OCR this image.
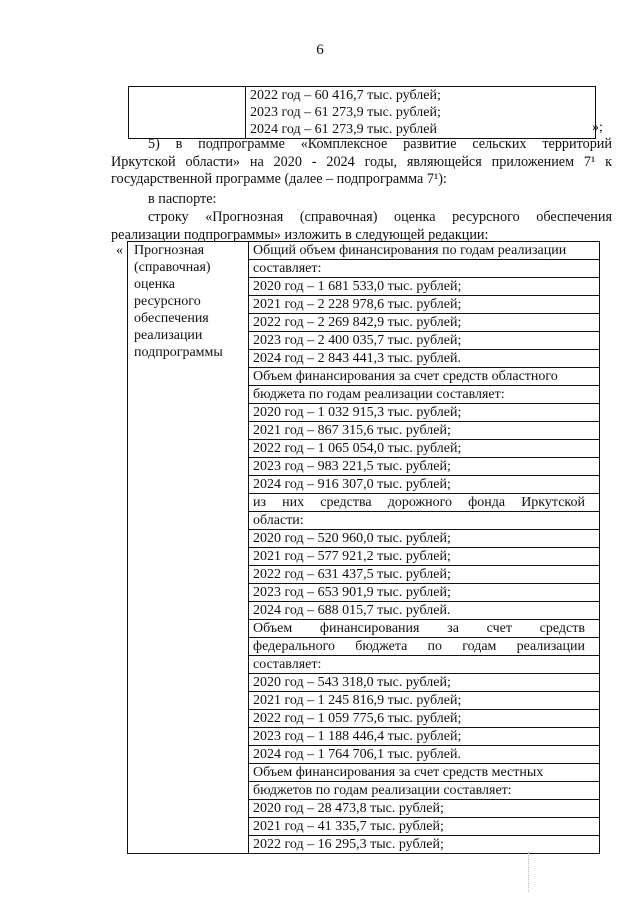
6

2022 год – 60 416,7 тыс. рублей;
2023 год – 61 273,9 тыс. рублей;
2024 год – 61 273,9 тыс. рублей	»;
5) в подпрограмме «Комплексное развитие сельских территорий
Иркутской области» на 2020 - 2024 годы, являющейся приложением 7¹ к
государственной программе (далее – подпрограмма 7¹):
в паспорте:
строку «Прогнозная (справочная) оценка ресурсного обеспечения
реализации подпрограммы» изложить в следующей редакции:
« Прогнозная
(справочная)
оценка
ресурсного
обеспечения
реализации
подпрограммы

Общий объем финансирования по годам реализации
составляет:
2020 год – 1 681 533,0 тыс. рублей;
2021 год – 2 228 978,6 тыс. рублей;
2022 год – 2 269 842,9 тыс. рублей;
2023 год – 2 400 035,7 тыс. рублей;
2024 год – 2 843 441,3 тыс. рублей.
Объем финансирования за счет средств областного
бюджета по годам реализации составляет:
2020 год – 1 032 915,3 тыс. рублей;
2021 год – 867 315,6 тыс. рублей;
2022 год – 1 065 054,0 тыс. рублей;
2023 год – 983 221,5 тыс. рублей;
2024 год – 916 307,0 тыс. рублей;
из них средства дорожного фонда Иркутской
области:
2020 год – 520 960,0 тыс. рублей;
2021 год – 577 921,2 тыс. рублей;
2022 год – 631 437,5 тыс. рублей;
2023 год – 653 901,9 тыс. рублей;
2024 год – 688 015,7 тыс. рублей.
Объем финансирования за счет средств
федерального бюджета по годам реализации
составляет:
2020 год – 543 318,0 тыс. рублей;
2021 год – 1 245 816,9 тыс. рублей;
2022 год – 1 059 775,6 тыс. рублей;
2023 год – 1 188 446,4 тыс. рублей;
2024 год – 1 764 706,1 тыс. рублей.
Объем финансирования за счет средств местных
бюджетов по годам реализации составляет:
2020 год – 28 473,8 тыс. рублей;
2021 год – 41 335,7 тыс. рублей;
2022 год – 16 295,3 тыс. рублей;
